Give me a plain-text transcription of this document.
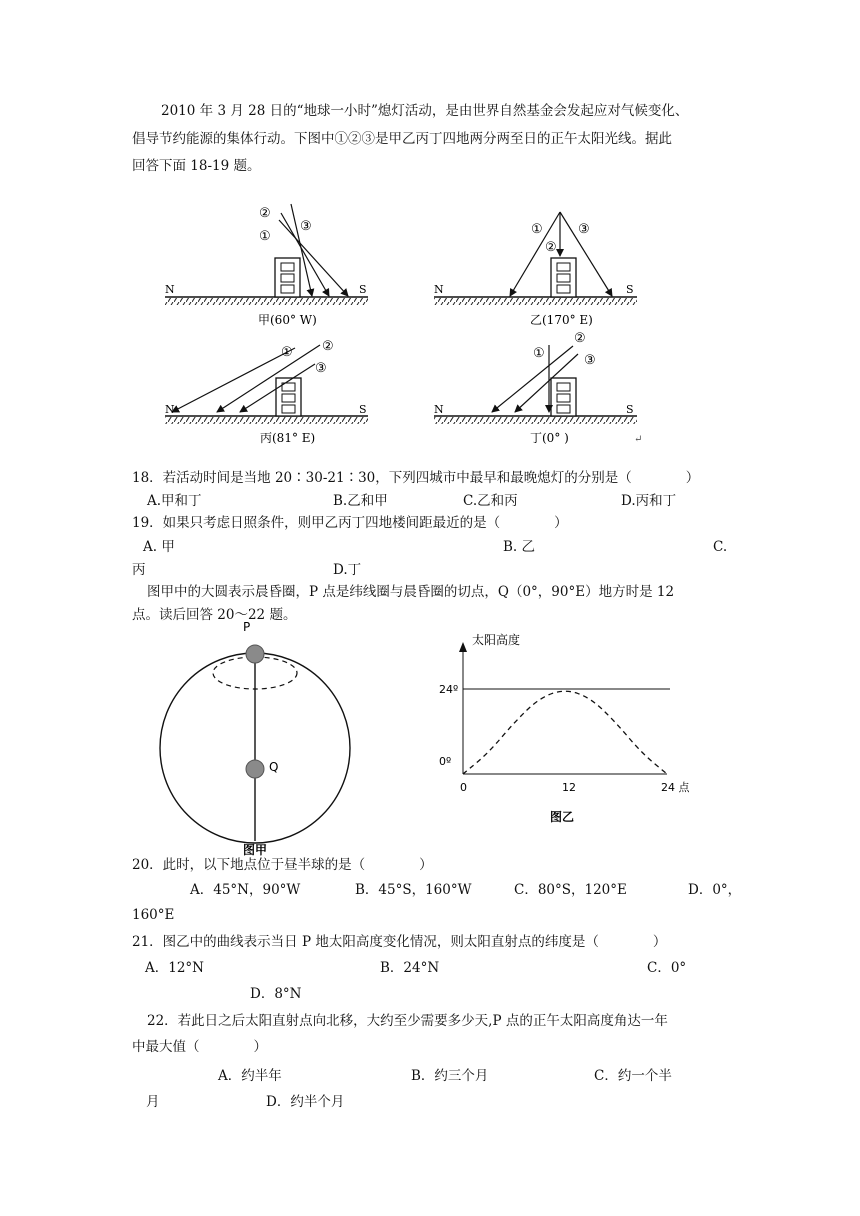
2010 年 3 月 28 日的“地球一小时”熄灯活动，是由世界自然基金会发起应对气候变化、
倡导节约能源的集体行动。下图中①②③是甲乙丙丁四地两分两至日的正午太阳光线。据此
回答下面 18-19 题。
②
①
③
N	S
甲(60° W)
①
②
③
N	S
乙(170° E)
① ②
③
N	S
丙(81° E)
①
②
③
N	S
丁(0° )	↵
18．若活动时间是当地 20∶30-21∶30，下列四城市中最早和最晚熄灯的分别是（　　　　）
A.甲和丁	B.乙和甲	C.乙和丙	D.丙和丁
19．如果只考虑日照条件，则甲乙丙丁四地楼间距最近的是（　　　　）
A. 甲	B. 乙	C.
丙	D.丁
图甲中的大圆表示晨昏圈，P 点是纬线圈与晨昏圈的切点，Q（0°，90°E）地方时是 12
点。读后回答 20～22 题。
P
Q
图甲
太阳高度
0	12	24 点
0º
24º
图乙
20．此时，以下地点位于昼半球的是（　　　　）
A．45°N，90°W	B．45°S，160°W	C．80°S，120°E	D．0°，
160°E
21．图乙中的曲线表示当日 P 地太阳高度变化情况，则太阳直射点的纬度是（　　　　）
A．12°N	B．24°N	C．0°
D．8°N
22．若此日之后太阳直射点向北移，大约至少需要多少天,P 点的正午太阳高度角达一年
中最大值（　　　　）
A．约半年	B．约三个月	C．约一个半
月	D．约半个月
